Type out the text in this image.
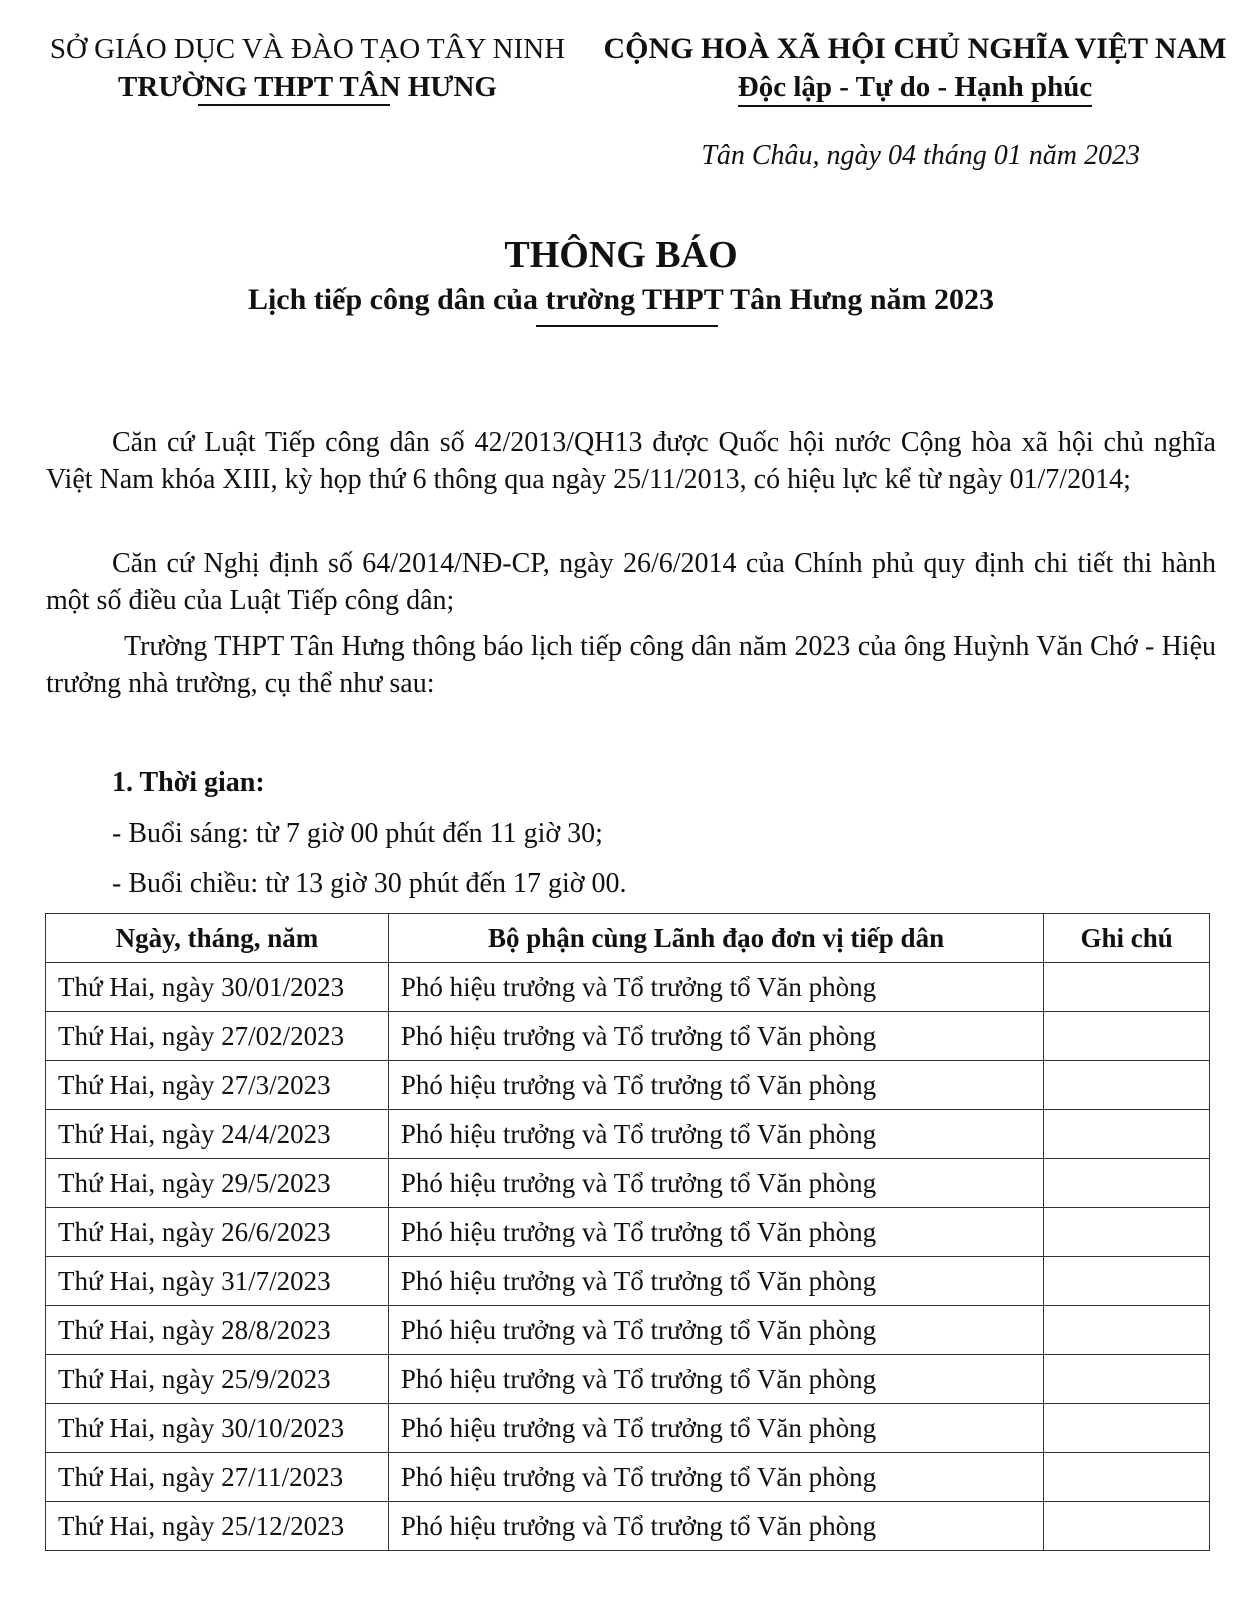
SỞ GIÁO DỤC VÀ ĐÀO TẠO TÂY NINH
TRƯỜNG THPT TÂN HƯNG
CỘNG HOÀ XÃ HỘI CHỦ NGHĨA VIỆT NAM
Độc lập - Tự do - Hạnh phúc
Tân Châu, ngày 04 tháng 01 năm 2023
THÔNG BÁO
Lịch tiếp công dân của trường THPT Tân Hưng năm 2023

Căn cứ Luật Tiếp công dân số 42/2013/QH13 được Quốc hội nước Cộng hòa xã hội chủ nghĩa Việt Nam khóa XIII, kỳ họp thứ 6 thông qua ngày 25/11/2013, có hiệu lực kể từ ngày 01/7/2014;

Căn cứ Nghị định số 64/2014/NĐ-CP, ngày 26/6/2014 của Chính phủ quy định chi tiết thi hành một số điều của Luật Tiếp công dân;

Trường THPT Tân Hưng thông báo lịch tiếp công dân năm 2023 của ông Huỳnh Văn Chớ - Hiệu trưởng nhà trường, cụ thể như sau:

1. Thời gian:

- Buổi sáng: từ 7 giờ 00 phút đến 11 giờ 30;
- Buổi chiều: từ 13 giờ 30 phút đến 17 giờ 00.
Ngày, tháng, năm	Bộ phận cùng Lãnh đạo đơn vị tiếp dân	Ghi chú
Thứ Hai, ngày 30/01/2023	Phó hiệu trưởng và Tổ trưởng tổ Văn phòng	
Thứ Hai, ngày 27/02/2023	Phó hiệu trưởng và Tổ trưởng tổ Văn phòng	
Thứ Hai, ngày 27/3/2023	Phó hiệu trưởng và Tổ trưởng tổ Văn phòng	
Thứ Hai, ngày 24/4/2023	Phó hiệu trưởng và Tổ trưởng tổ Văn phòng	
Thứ Hai, ngày 29/5/2023	Phó hiệu trưởng và Tổ trưởng tổ Văn phòng	
Thứ Hai, ngày 26/6/2023	Phó hiệu trưởng và Tổ trưởng tổ Văn phòng	
Thứ Hai, ngày 31/7/2023	Phó hiệu trưởng và Tổ trưởng tổ Văn phòng	
Thứ Hai, ngày 28/8/2023	Phó hiệu trưởng và Tổ trưởng tổ Văn phòng	
Thứ Hai, ngày 25/9/2023	Phó hiệu trưởng và Tổ trưởng tổ Văn phòng	
Thứ Hai, ngày 30/10/2023	Phó hiệu trưởng và Tổ trưởng tổ Văn phòng	
Thứ Hai, ngày 27/11/2023	Phó hiệu trưởng và Tổ trưởng tổ Văn phòng	
Thứ Hai, ngày 25/12/2023	Phó hiệu trưởng và Tổ trưởng tổ Văn phòng	
